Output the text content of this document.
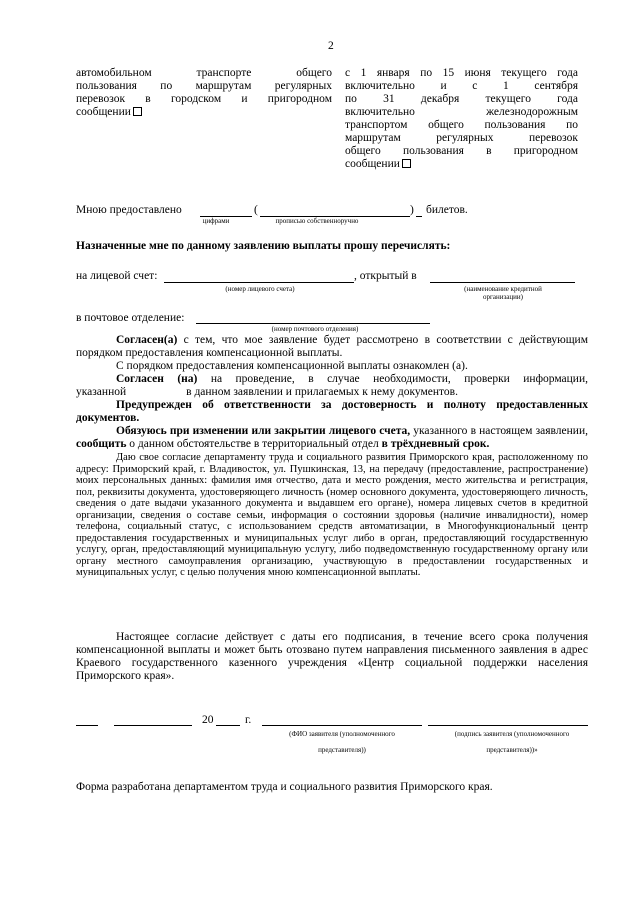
2
автомобильном транспорте общего
пользования по маршрутам регулярных
перевозок в городском и пригородном
сообщении
с 1 января по 15 июня текущего года
включительно и с 1 сентября
по 31 декабря текущего года
включительно железнодорожным
транспортом общего пользования по
маршрутам регулярных перевозок
общего пользования в пригородном
сообщении
Мною предоставлено	(	) билетов.
цифрами	прописью собственноручно
Назначенные мне по данному заявлению выплаты прошу перечислять:
на лицевой счет:	, открытый в
(номер лицевого счета)	(наименование кредитной организации)
в почтовое отделение:
(номер почтового отделения)
Согласен(а) с тем, что мое заявление будет рассмотрено в соответствии с действующим порядком предоставления компенсационной выплаты.
С порядком предоставления компенсационной выплаты ознакомлен (а).
Согласен (на) на проведение, в случае необходимости, проверки информации,
указанной	в данном заявлении и прилагаемых к нему документов.
Предупрежден об ответственности за достоверность и полноту предоставленных документов.
Обязуюсь при изменении или закрытии лицевого счета, указанного в настоящем заявлении, сообщить о данном обстоятельстве в территориальный отдел в трёхдневный срок.
Даю свое согласие департаменту труда и социального развития Приморского края, расположенному по адресу: Приморский край, г. Владивосток, ул. Пушкинская, 13, на передачу (предоставление, распространение) моих персональных данных: фамилия имя отчество, дата и место рождения, место жительства и регистрация, пол, реквизиты документа, удостоверяющего личность (номер основного документа, удостоверяющего личность, сведения о дате выдачи указанного документа и выдавшем его органе), номера лицевых счетов в кредитной организации, сведения о составе семьи, информация о состоянии здоровья (наличие инвалидности), номер телефона, социальный статус, с использованием средств автоматизации, в Многофункциональный центр предоставления государственных и муниципальных услуг либо в орган, предоставляющий государственную услугу, орган, предоставляющий муниципальную услугу, либо подведомственную государственному органу или органу местного самоуправления организацию, участвующую в предоставлении государственных и муниципальных услуг, с целью получения мною компенсационной выплаты.
Настоящее согласие действует с даты его подписания, в течение всего срока получения компенсационной выплаты и может быть отозвано путем направления письменного заявления в адрес Краевого государственного казенного учреждения «Центр социальной поддержки населения Приморского края».
20	г.
(ФИО заявителя (уполномоченного
представителя))
(подпись заявителя (уполномоченного
представителя))»
Форма разработана департаментом труда и социального развития Приморского края.
